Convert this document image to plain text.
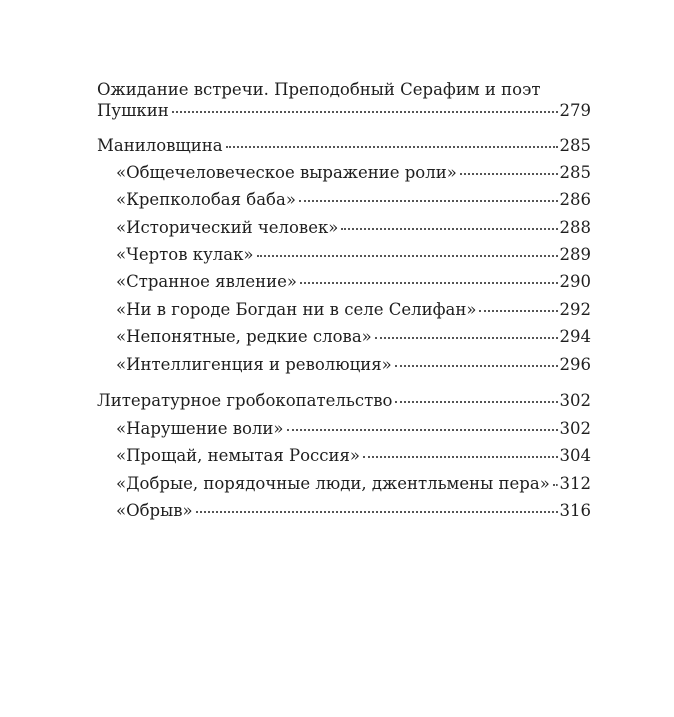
Ожидание встречи. Преподобный Серафим и поэт
Пушкин	279
Маниловщина	285
«Общечеловеческое выражение роли»	285
«Крепколобая баба»	286
«Исторический человек»	288
«Чертов кулак»	289
«Странное явление»	290
«Ни в городе Богдан ни в селе Селифан»	292
«Непонятные, редкие слова»	294
«Интеллигенция и революция»	296
Литературное гробокопательство	302
«Нарушение воли»	302
«Прощай, немытая Россия»	304
«Добрые, порядочные люди, джентльмены пера» 312
«Обрыв»	316
